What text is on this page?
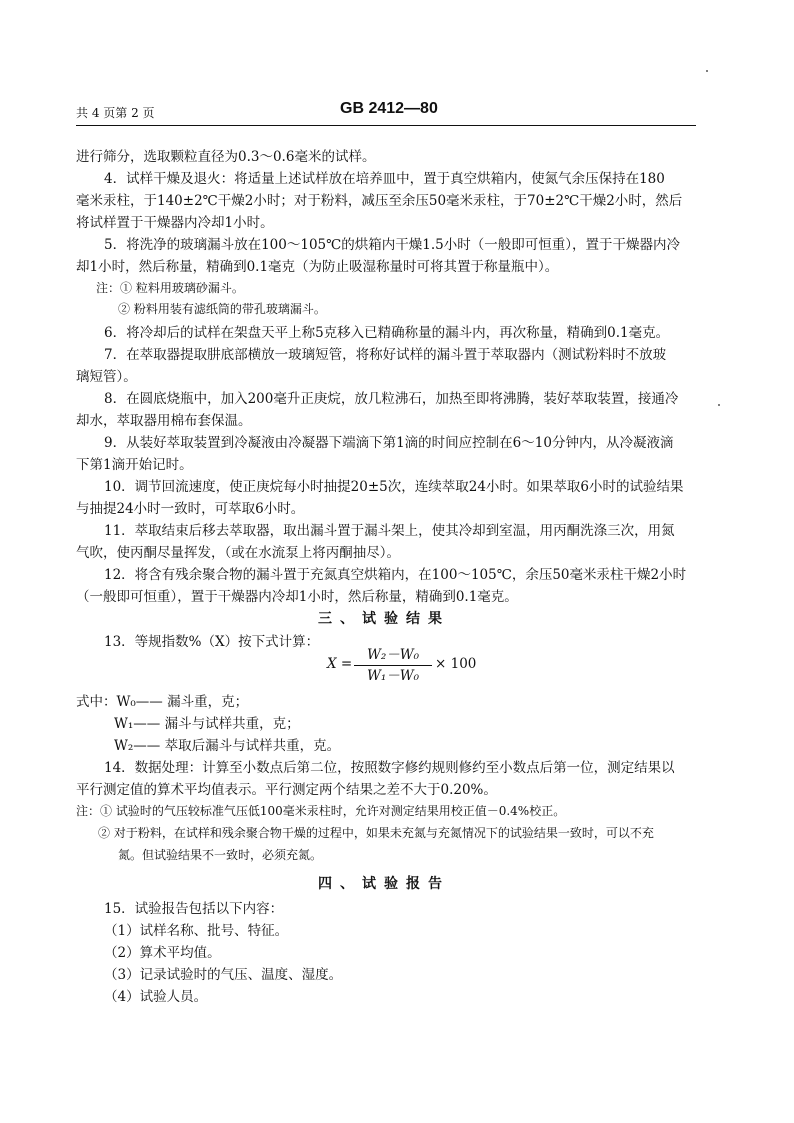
共 4 页第 2 页	GB 2412—80
进行筛分，选取颗粒直径为0.3～0.6毫米的试样。
4．试样干燥及退火：将适量上述试样放在培养皿中，置于真空烘箱内，使氮气余压保持在180
毫米汞柱，于140±2℃干燥2小时；对于粉料，减压至余压50毫米汞柱，于70±2℃干燥2小时，然后
将试样置于干燥器内冷却1小时。
5．将洗净的玻璃漏斗放在100～105℃的烘箱内干燥1.5小时（一般即可恒重），置于干燥器内冷
却1小时，然后称量，精确到0.1毫克（为防止吸湿称量时可将其置于称量瓶中）。
注：① 粒料用玻璃砂漏斗。
② 粉料用装有滤纸筒的带孔玻璃漏斗。
6．将冷却后的试样在架盘天平上称5克移入已精确称量的漏斗内，再次称量，精确到0.1毫克。
7．在萃取器提取肼底部横放一玻璃短管，将称好试样的漏斗置于萃取器内（测试粉料时不放玻
璃短管）。
8．在圆底烧瓶中，加入200毫升正庚烷，放几粒沸石，加热至即将沸腾，装好萃取装置，接通冷
却水，萃取器用棉布套保温。
9．从装好萃取装置到冷凝液由冷凝器下端滴下第1滴的时间应控制在6～10分钟内，从冷凝液滴
下第1滴开始记时。
10．调节回流速度，使正庚烷每小时抽提20±5次，连续萃取24小时。如果萃取6小时的试验结果
与抽提24小时一致时，可萃取6小时。
11．萃取结束后移去萃取器，取出漏斗置于漏斗架上，使其冷却到室温，用丙酮洗涤三次，用氮
气吹，使丙酮尽量挥发，（或在水流泵上将丙酮抽尽）。
12．将含有残余聚合物的漏斗置于充氮真空烘箱内，在100～105℃，余压50毫米汞柱干燥2小时
（一般即可恒重），置于干燥器内冷却1小时，然后称量，精确到0.1毫克。
三、试验结果
13．等规指数%（X）按下式计算：
X =
W₂－W₀
W₁－W₀
× 100
式中：W₀—— 漏斗重，克；
W₁—— 漏斗与试样共重，克；
W₂—— 萃取后漏斗与试样共重，克。
14．数据处理：计算至小数点后第二位，按照数字修约规则修约至小数点后第一位，测定结果以
平行测定值的算术平均值表示。平行测定两个结果之差不大于0.20%。
注：① 试验时的气压较标准气压低100毫米汞柱时，允许对测定结果用校正值－0.4%校正。
② 对于粉料，在试样和残余聚合物干燥的过程中，如果未充氮与充氮情况下的试验结果一致时，可以不充
氮。但试验结果不一致时，必须充氮。
四、试验报告
15．试验报告包括以下内容：
（1）试样名称、批号、特征。
（2）算术平均值。
（3）记录试验时的气压、温度、湿度。
（4）试验人员。
